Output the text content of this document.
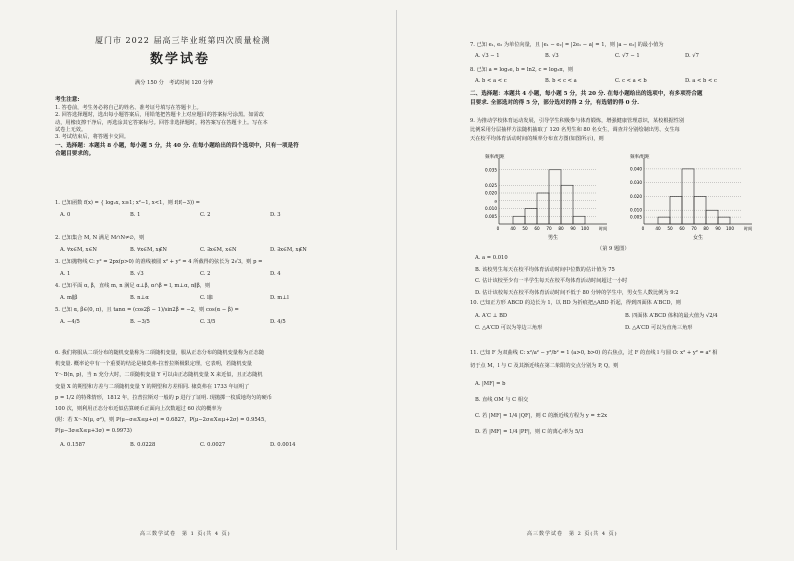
厦门市 2022 届高三毕业班第四次质量检测
数学试卷
满分 150 分　考试时间 120 分钟
考生注意:
1. 答卷前，考生务必将自己的姓名、准考证号填写在答题卡上。
2. 回答选择题时，选出每小题答案后，用铅笔把答题卡上对应题目的答案标号涂黑。如需改
动，用橡皮擦干净后，再选涂其它答案标号。回答非选择题时，将答案写在答题卡上。写在本
试卷上无效。
3. 考试结束后，将答题卡交回。
一、选择题：本题共 8 小题，每小题 5 分，共 40 分. 在每小题给出的四个选项中，只有一项是符
合题目要求的。
1. 已知函数 f(x) = { log₂x, x≥1; x²−1, x<1，则 f(f(−3)) =
A. 0	B. 1	C. 2	D. 3
2. 已知集合 M, N 满足 M∩N≠∅，则
A. ∀x∈M, x∈N	B. ∀x∈M, x∉N	C. ∃x∈M, x∈N	D. ∃x∈M, x∉N
3. 已知抛物线 C: y² = 2px(p>0) 的准线被圆 x² + y² = 4 所截得的弦长为 2√3，则 p =
A. 1	B. √3	C. 2	D. 4
4. 已知平面 α, β，直线 m, n 满足 α⊥β, α∩β = l, m⊥α, n∥β，则
A. m∥β	B. n⊥α	C. l∥l	D. m⊥l
5. 已知 α, β∈(0, π)，且 tanα = (cos2β − 1)/sin2β = −2，则 cos(α − β) =
A. −4/5	B. −3/5	C. 3/5	D. 4/5
6. 我们将服从二项分布的随机变量称为二项随机变量，服从正态分布的随机变量称为正态随
机变量. 概率论中有一个重要的结论是棣莫弗-拉普拉斯极限定理，它表明，若随机变量
Y～B(n, p)，当 n 充分大时，二项随机变量 Y 可以由正态随机变量 X 来近似，且正态随机
变量 X 的期望和方差与二项随机变量 Y 的期望和方差相同. 棣莫弗在 1733 年证明了
p = 1/2 的特殊情形，1812 年，拉普拉斯对一般的 p 进行了证明. 现抛掷一枚质地均匀的硬币
100 次，则利用正态分布近似估算硬币正面向上次数超过 60 次的概率为
(附：若 X～N(μ, σ²)，则 P(μ−σ≤X≤μ+σ) = 0.6827，P(μ−2σ≤X≤μ+2σ) = 0.9545，
P(μ−3σ≤X≤μ+3σ) = 0.9973)
A. 0.1587	B. 0.0228	C. 0.0027	D. 0.0014
高三数学试卷　第 1 页(共 4 页)
7. 已知 e₁, e₂ 为单位向量，且 |e₁ − e₂| = |2e₁ − a| = 1，则 |a − e₂| 的最小值为
A. √3 − 1	B. √3	C. √7 − 1	D. √7
8. 已知 a = log₂e, b = ln2, c = log₃π，则
A. b < a < c	B. b < c < a	C. c < a < b	D. a < b < c
二、选择题：本题共 4 小题，每小题 5 分，共 20 分. 在每小题给出的选项中，有多项符合题
目要求. 全部选对的得 5 分，部分选对的得 2 分，有选错的得 0 分.
9. 为推动学校体育运动发展，引导学生积极参与体育锻炼，增强健康管理意识，某校根据性别
比例采用分层抽样方法随机抽取了 120 名男生和 80 名女生，调查并分别绘制出男、女生每
天在校平均体育活动时间的频率分布直方图(如图所示)，则
频率/组距
0.035
0.025
0.020
0.010
a
0.005
0	40 50 60 70 80 90 100 时间
男生
频率/组距
0.040
0.030
0.020
0.010
0.005
0	40 50 60 70 80 90 100 时间
女生
（第 9 题图）
A. a = 0.010
B. 该校男生每天在校平均体育活动时间中位数的估计值为 75
C. 估计该校至少有一半学生每天在校平均体育活动时间超过一小时
D. 估计该校每天在校平均体育活动时间不低于 80 分钟的学生中，男女生人数比例为 9:2
10. 已知正方形 ABCD 的边长为 1，以 BD 为折痕把△ABD 折起，得到四面体 A′BCD，则
A. A′C ⊥ BD	B. 四面体 A′BCD 体积的最大值为 √2/4
C. △A′CD 可以为等边三角形	D. △A′CD 可以为直角三角形
11. 已知 F 为双曲线 C: x²/a² − y²/b² = 1 (a>0, b>0) 的右焦点，过 F 的直线 l 与圆 O: x² + y² = a² 相
切于点 M，l 与 C 及其渐近线在第二象限的交点分别为 P, Q，则
A. |MF| = b
B. 直线 OM 与 C 相交
C. 若 |MF| = 1/4 |QF|，则 C 的渐近线方程为 y = ±2x
D. 若 |MF| = 1/4 |PF|，则 C 的离心率为 5/3
高三数学试卷　第 2 页(共 4 页)
